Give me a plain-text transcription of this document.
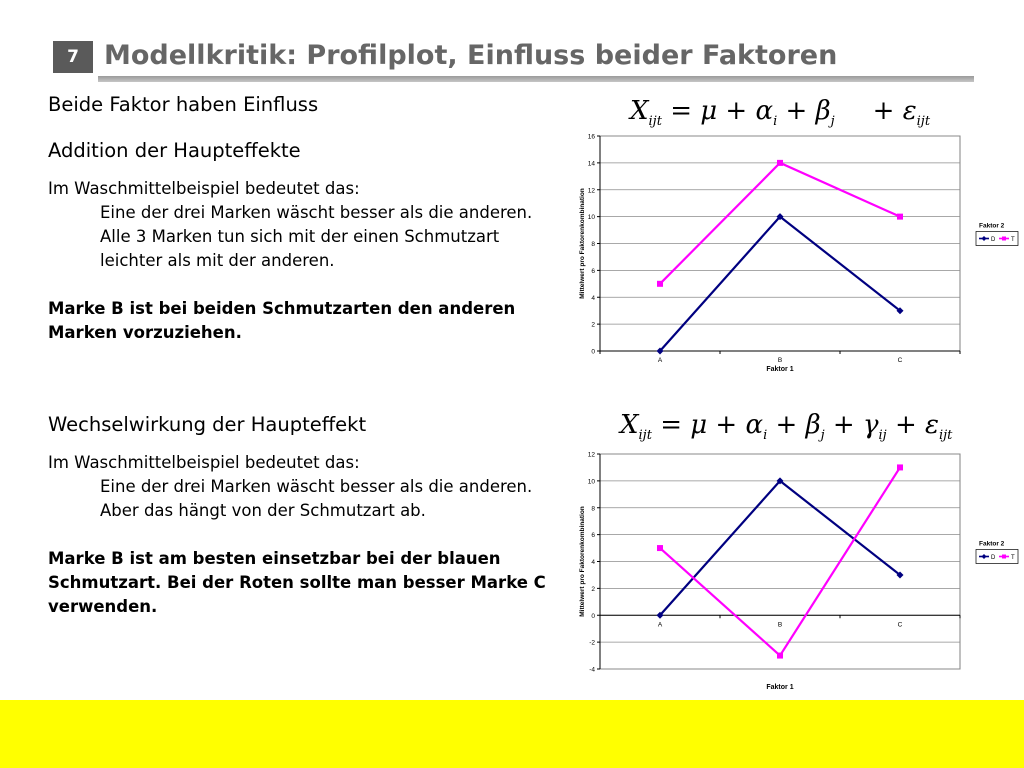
7 Modellkritik: Profilplot, Einfluss beider Faktoren

Beide Faktor haben Einfluss

Addition der Haupteffekte

Im Waschmittelbeispiel bedeutet das:

Eine der drei Marken wäscht besser als die anderen.

Alle 3 Marken tun sich mit der einen Schmutzart leichter als mit der anderen.

Marke B ist bei beiden Schmutzarten den anderen Marken vorzuziehen.

Wechselwirkung der Haupteffekt

Im Waschmittelbeispiel bedeutet das:

Eine der drei Marken wäscht besser als die anderen.

Aber das hängt von der Schmutzart ab.

Marke B ist am besten einsetzbar bei der blauen Schmutzart. Bei der Roten sollte man besser Marke C verwenden.

$X_{ijt} = \mu + \alpha_i + \beta_j + \varepsilon_{ijt}$
$X_{ijt} = \mu + \alpha_i + \beta_j + \gamma_{ij} + \varepsilon_{ijt}$
0
2
4
6
8
10
12
14
16
A	B	C
Faktor 1
Mittelwert pro Faktorenkombination	Faktor 2
D	T
-4
-2
0
2
4
6
8
10
12
A	B	C
Faktor 1
Mittelwert pro Faktorenkombination	Faktor 2
D	T
